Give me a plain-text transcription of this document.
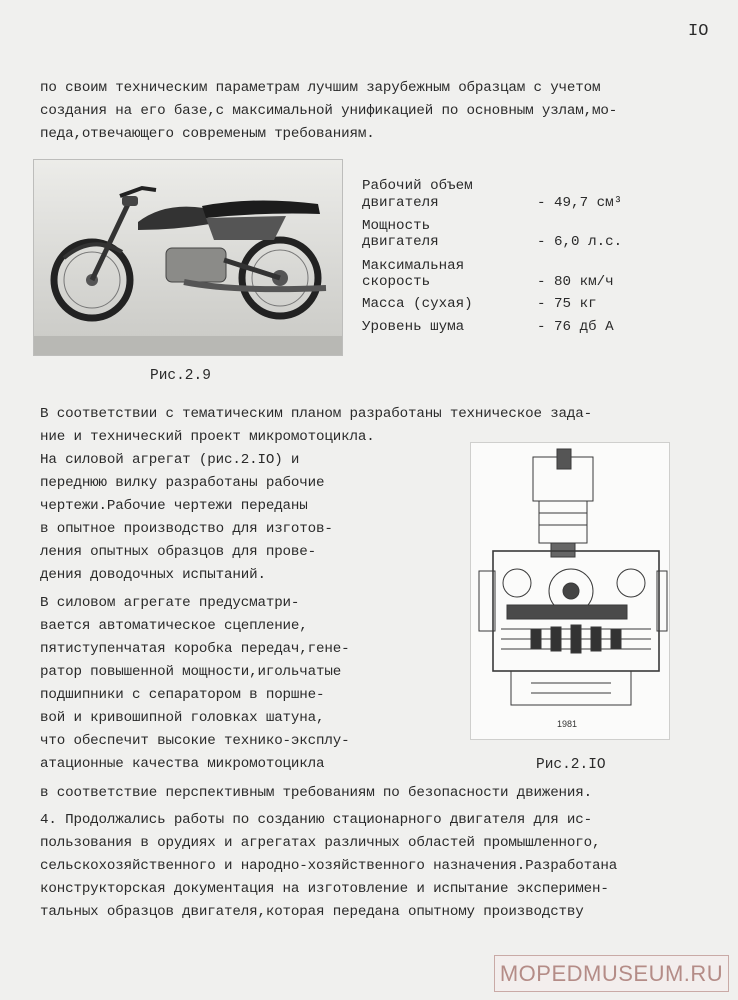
IO
по своим техническим параметрам лучшим зарубежным образцам с учетом
создания на его базе,с максимальной унификацией по основным узлам,мо-
педа,отвечающего современым требованиям.
Рис.2.9
Рабочий объем
двигателя	- 49,7 см³
Мощность
двигателя	- 6,0 л.с.
Максимальная
скорость	- 80 км/ч
Масса (сухая)	- 75 кг
Уровень шума	- 76 дб А
В соответствии с тематическим планом разработаны техническое зада-
ние и технический проект микромотоцикла.
На силовой агрегат (рис.2.IO) и
переднюю вилку разработаны рабочие
чертежи.Рабочие чертежи переданы
в опытное производство для изготов-
ления опытных образцов для прове-
дения доводочных испытаний.
В силовом агрегате предусматри-
вается автоматическое сцепление,
пятиступенчатая коробка передач,гене-
ратор повышенной мощности,игольчатые
подшипники с сепаратором в поршне-
вой и кривошипной головках шатуна,
что обеспечит высокие технико-эксплу-
атационные качества микромотоцикла
в соответствие перспективным требованиям по безопасности движения.
1981
Рис.2.IO
4. Продолжались работы по созданию стационарного двигателя для ис-
пользования в орудиях и агрегатах различных областей промышленного,
сельскохозяйственного и народно-хозяйственного назначения.Разработана
конструкторская документация на изготовление и испытание эксперимен-
тальных образцов двигателя,которая передана опытному производству
MOPEDMUSEUM.RU
